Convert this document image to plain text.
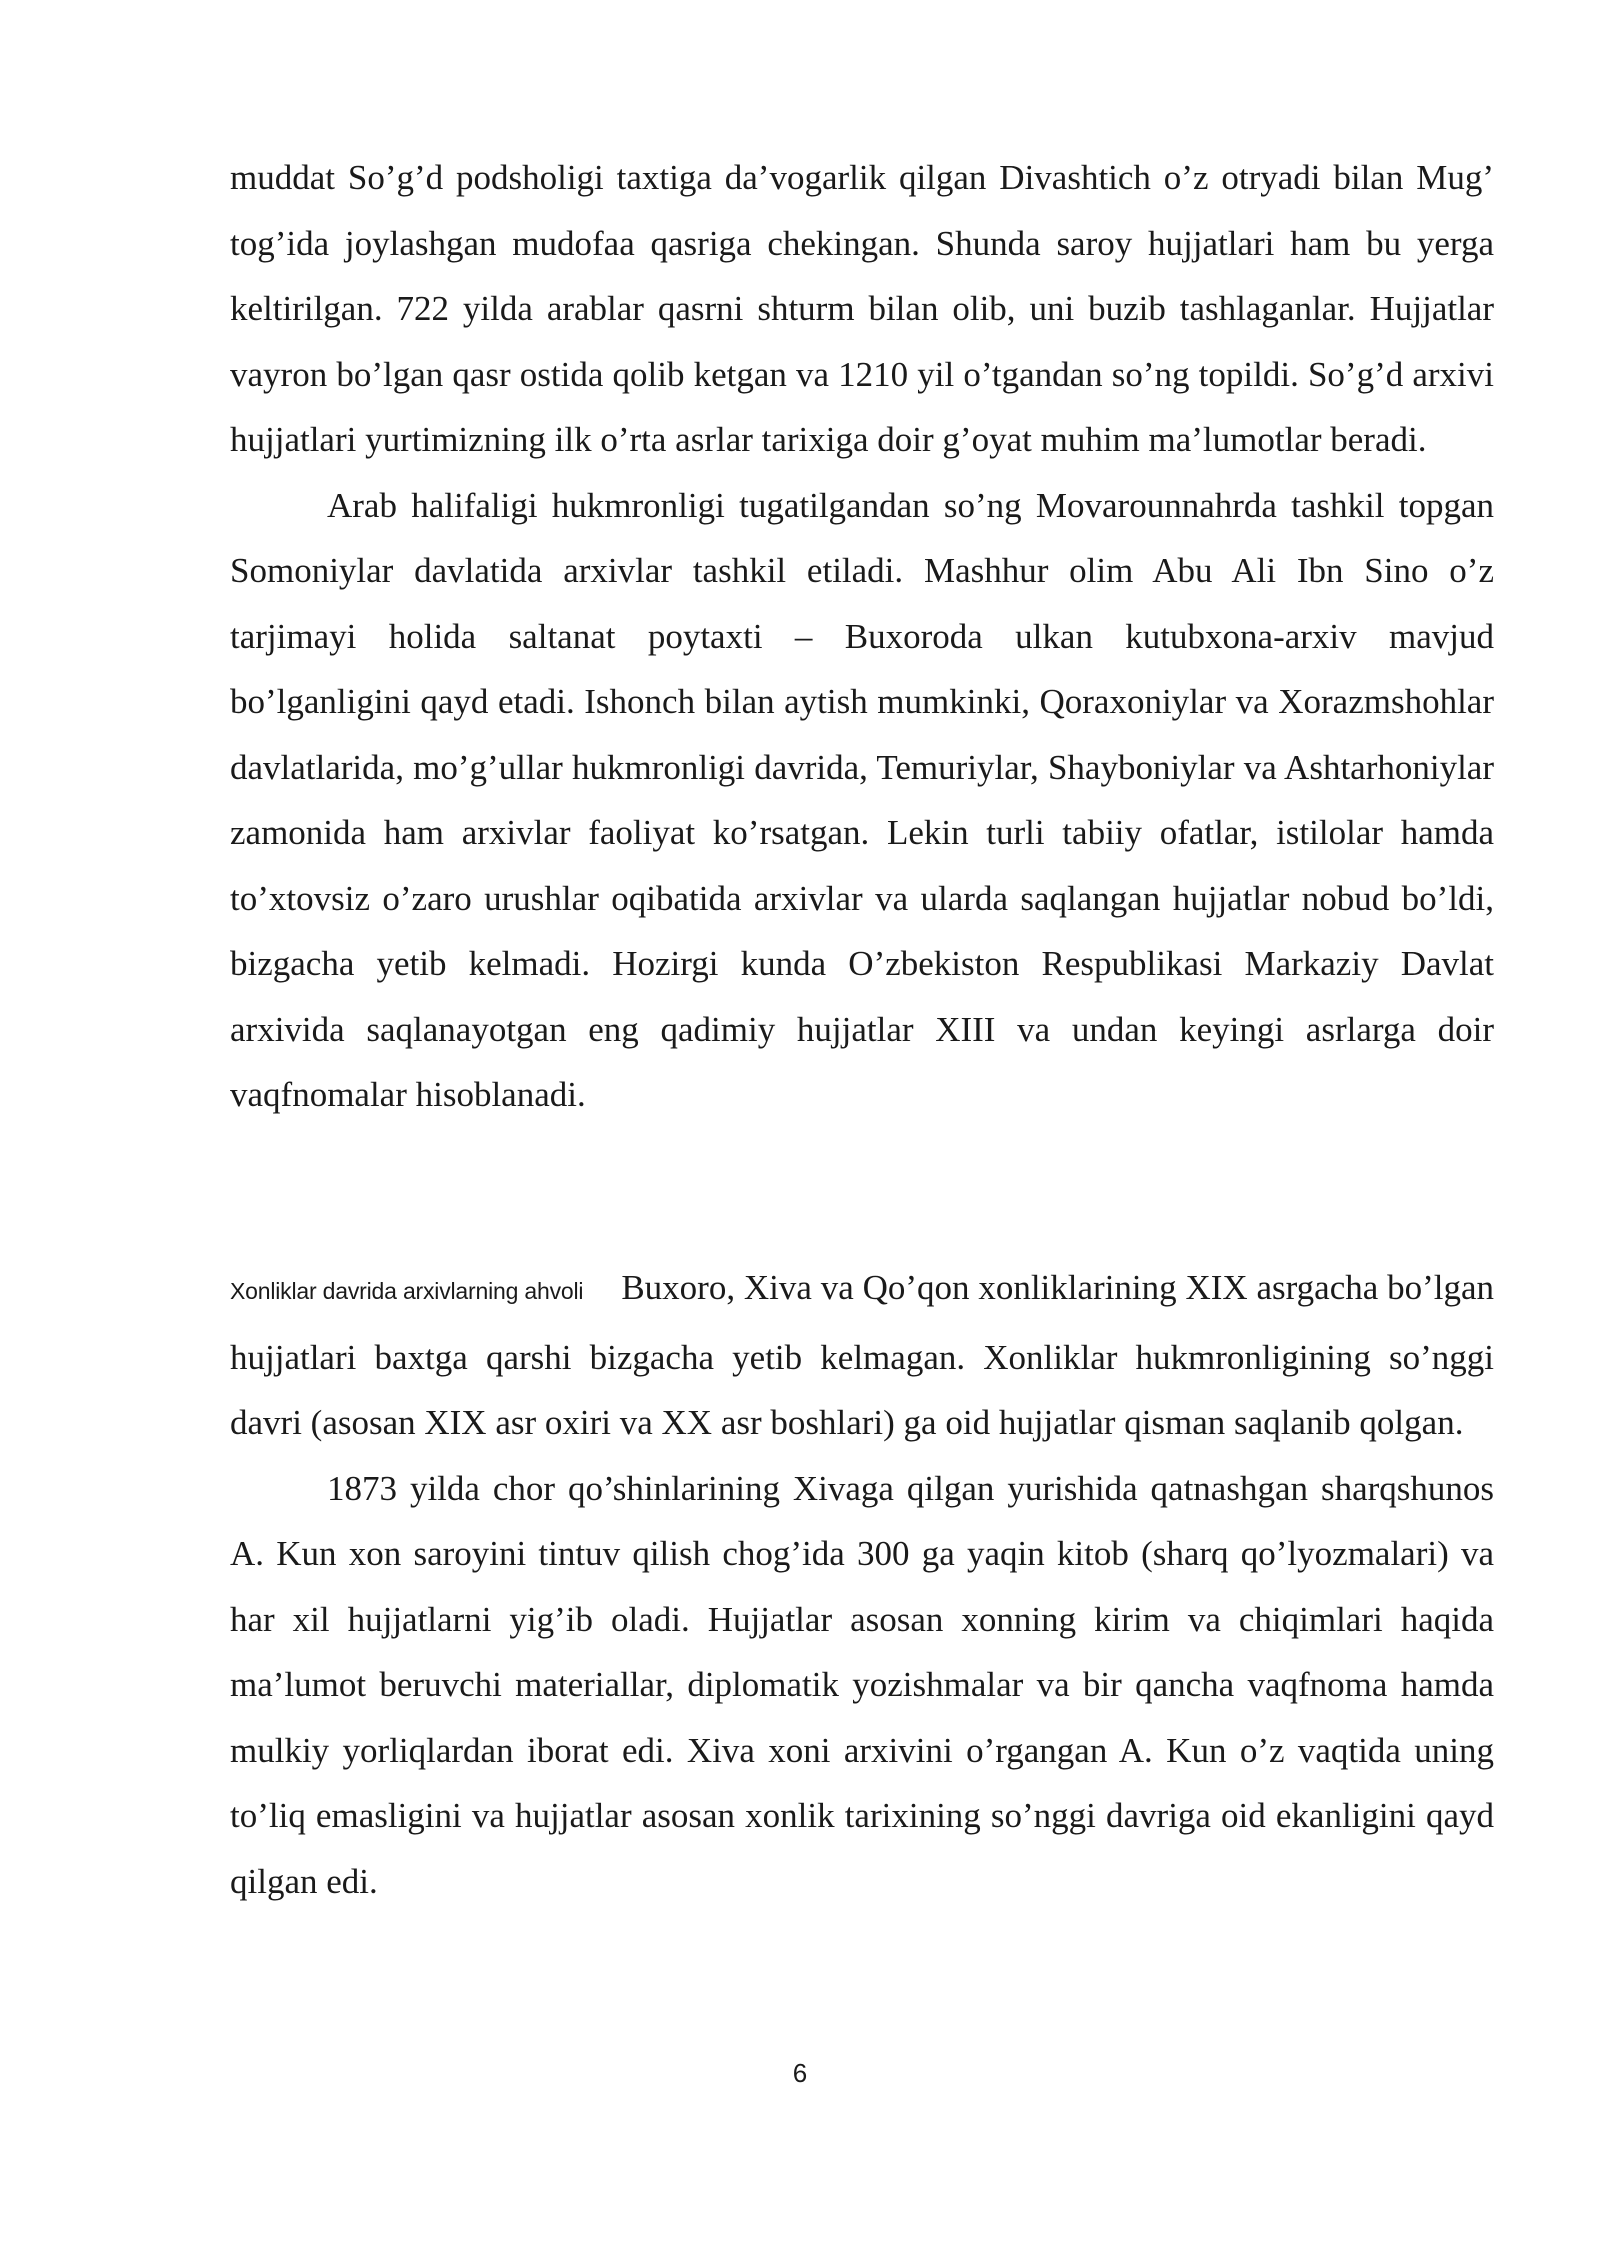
muddat So’g’d podsholigi taxtiga da’vogarlik qilgan Divashtich o’z otryadi bilan Mug’ tog’ida joylashgan mudofaa qasriga chekingan. Shunda saroy hujjatlari ham bu yerga keltirilgan. 722 yilda arablar qasrni shturm bilan olib, uni buzib tashlaganlar. Hujjatlar vayron bo’lgan qasr ostida qolib ketgan va 1210 yil o’tgandan so’ng topildi. So’g’d arxivi hujjatlari yurtimizning ilk o’rta asrlar tarixiga doir g’oyat muhim ma’lumotlar beradi.

Arab halifaligi hukmronligi tugatilgandan so’ng Movarounnahrda tashkil topgan Somoniylar davlatida arxivlar tashkil etiladi. Mashhur olim Abu Ali Ibn Sino o’z tarjimayi holida saltanat poytaxti – Buxoroda ulkan kutubxona-arxiv mavjud bo’lganligini qayd etadi. Ishonch bilan aytish mumkinki, Qoraxoniylar va Xorazmshohlar davlatlarida, mo’g’ullar hukmronligi davrida, Temuriylar, Shayboniylar va Ashtarhoniylar zamonida ham arxivlar faoliyat ko’rsatgan. Lekin turli tabiiy ofatlar, istilolar hamda to’xtovsiz o’zaro urushlar oqibatida arxivlar va ularda saqlangan hujjatlar nobud bo’ldi, bizgacha yetib kelmadi. Hozirgi kunda O’zbekiston Respublikasi Markaziy Davlat arxivida saqlanayotgan eng qadimiy hujjatlar XIII va undan keyingi asrlarga doir vaqfnomalar hisoblanadi.

Xonliklar davrida arxivlarning ahvoli Buxoro, Xiva va Qo’qon xonliklarining XIX asrgacha bo’lgan hujjatlari baxtga qarshi bizgacha yetib kelmagan. Xonliklar hukmronligining so’nggi davri (asosan XIX asr oxiri va XX asr boshlari) ga oid hujjatlar qisman saqlanib qolgan.

1873 yilda chor qo’shinlarining Xivaga qilgan yurishida qatnashgan sharqshunos A. Kun xon saroyini tintuv qilish chog’ida 300 ga yaqin kitob (sharq qo’lyozmalari) va har xil hujjatlarni yig’ib oladi. Hujjatlar asosan xonning kirim va chiqimlari haqida ma’lumot beruvchi materiallar, diplomatik yozishmalar va bir qancha vaqfnoma hamda mulkiy yorliqlardan iborat edi. Xiva xoni arxivini o’rgangan A. Kun o’z vaqtida uning to’liq emasligini va hujjatlar asosan xonlik tarixining so’nggi davriga oid ekanligini qayd qilgan edi.

6
